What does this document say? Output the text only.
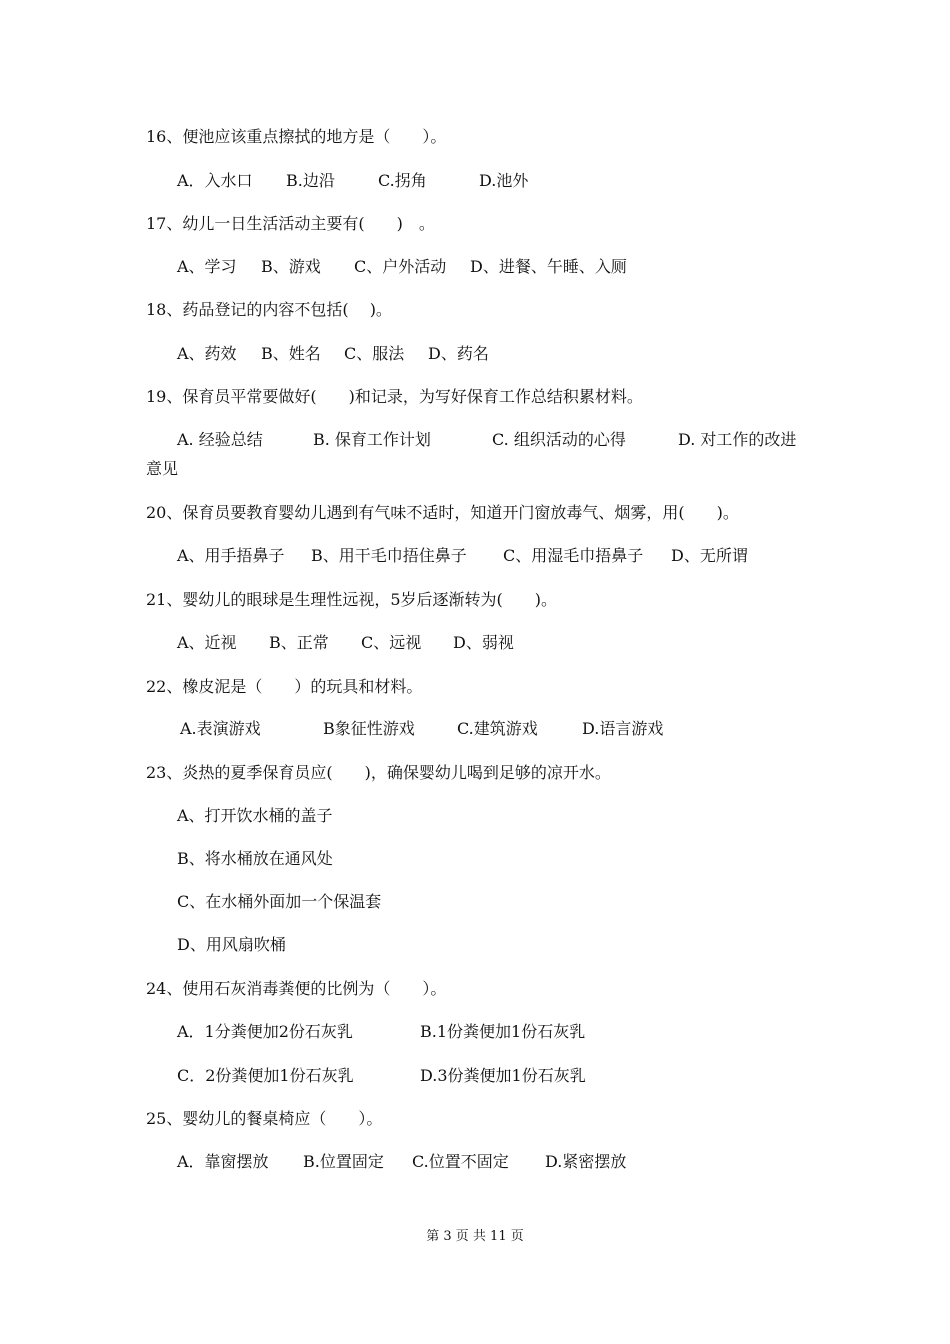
16、便池应该重点擦拭的地方是（　　）。
A．入水口 B.边沿	C.拐角	D.池外
17、幼儿一日生活活动主要有(　　)　。
A、学习 B、游戏 C、户外活动 D、进餐、午睡、入厕
18、药品登记的内容不包括(　 )。
A、药效 B、姓名 C、服法 D、药名
19、保育员平常要做好(　　)和记录，为写好保育工作总结积累材料。
A. 经验总结	B. 保育工作计划	C. 组织活动的心得	D. 对工作的改进
意见
20、保育员要教育婴幼儿遇到有气味不适时，知道开门窗放毒气、烟雾，用(　　)。
A、用手捂鼻子 B、用干毛巾捂住鼻子 C、用湿毛巾捂鼻子 D、无所谓
21、婴幼儿的眼球是生理性远视，5岁后逐渐转为(　　)。
A、近视 B、正常 C、远视 D、弱视
22、橡皮泥是（　　）的玩具和材料。
A.表演游戏	B象征性游戏	C.建筑游戏	D.语言游戏
23、炎热的夏季保育员应(　　)，确保婴幼儿喝到足够的凉开水。
A、打开饮水桶的盖子
B、将水桶放在通风处
C、在水桶外面加一个保温套
D、用风扇吹桶
24、使用石灰消毒粪便的比例为（　　）。
A．1分粪便加2份石灰乳	B.1份粪便加1份石灰乳
C．2份粪便加1份石灰乳	D.3份粪便加1份石灰乳
25、婴幼儿的餐桌椅应（　　）。
A．靠窗摆放 B.位置固定 C.位置不固定 D.紧密摆放
第 3 页 共 11 页
